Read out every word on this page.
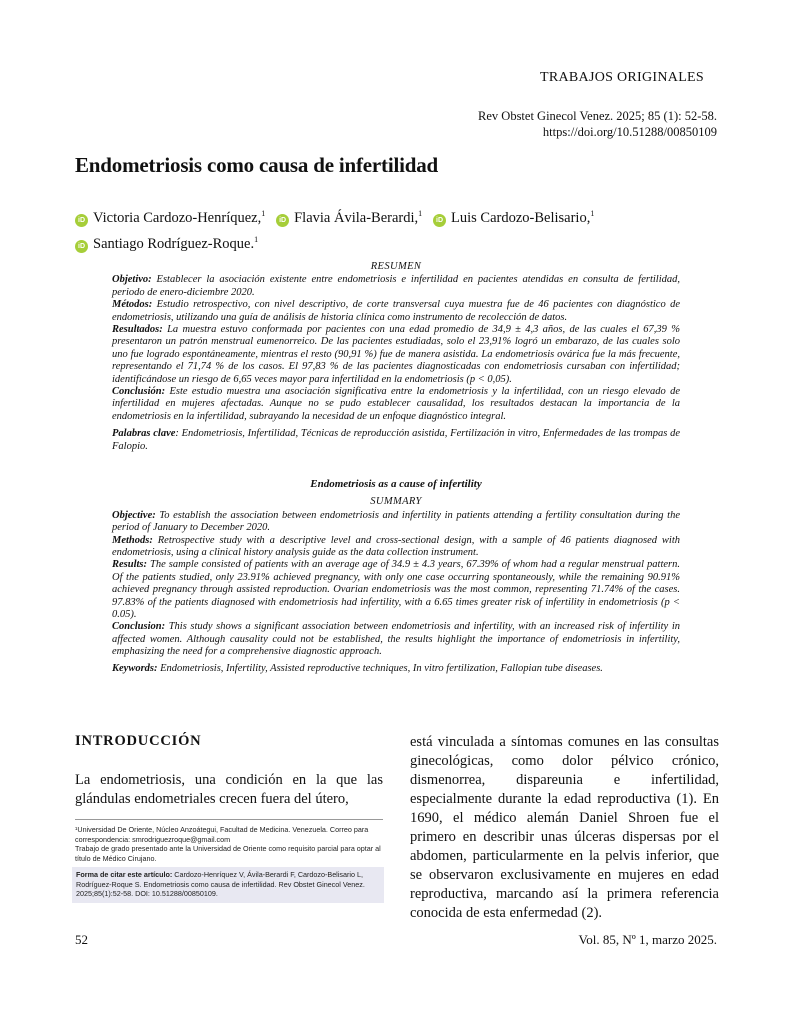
TRABAJOS ORIGINALES
Rev Obstet Ginecol Venez. 2025; 85 (1): 52-58.
https://doi.org/10.51288/00850109
Endometriosis como causa de infertilidad
iD Victoria Cardozo-Henríquez,$^1$   iD Flavia Ávila-Berardi,$^1$   iD Luis Cardozo-Belisario,$^1$
iD Santiago Rodríguez-Roque.$^1$
RESUMEN

Objetivo: Establecer la asociación existente entre endometriosis e infertilidad en pacientes atendidas en consulta de fertilidad, periodo de enero-diciembre 2020.

Métodos: Estudio retrospectivo, con nivel descriptivo, de corte transversal cuya muestra fue de 46 pacientes con diagnóstico de endometriosis, utilizando una guía de análisis de historia clínica como instrumento de recolección de datos.

Resultados: La muestra estuvo conformada por pacientes con una edad promedio de 34,9 ± 4,3 años, de las cuales el 67,39 % presentaron un patrón menstrual eumenorreico. De las pacientes estudiadas, solo el 23,91% logró un embarazo, de las cuales solo uno fue logrado espontáneamente, mientras el resto (90,91 %) fue de manera asistida. La endometriosis ovárica fue la más frecuente, representando el 71,74 % de los casos. El 97,83 % de las pacientes diagnosticadas con endometriosis cursaban con infertilidad; identificándose un riesgo de 6,65 veces mayor para infertilidad en la endometriosis (p < 0,05).

Conclusión: Este estudio muestra una asociación significativa entre la endometriosis y la infertilidad, con un riesgo elevado de infertilidad en mujeres afectadas. Aunque no se pudo establecer causalidad, los resultados destacan la importancia de la endometriosis en la infertilidad, subrayando la necesidad de un enfoque diagnóstico integral.

Palabras clave: Endometriosis, Infertilidad, Técnicas de reproducción asistida, Fertilización in vitro, Enfermedades de las trompas de Falopio.

Endometriosis as a cause of infertility
SUMMARY

Objective: To establish the association between endometriosis and infertility in patients attending a fertility consultation during the period of January to December 2020.

Methods: Retrospective study with a descriptive level and cross-sectional design, with a sample of 46 patients diagnosed with endometriosis, using a clinical history analysis guide as the data collection instrument.

Results: The sample consisted of patients with an average age of 34.9 ± 4.3 years, 67.39% of whom had a regular menstrual pattern. Of the patients studied, only 23.91% achieved pregnancy, with only one case occurring spontaneously, while the remaining 90.91% achieved pregnancy through assisted reproduction. Ovarian endometriosis was the most common, representing 71.74% of the cases. 97.83% of the patients diagnosed with endometriosis had infertility, with a 6.65 times greater risk of infertility in endometriosis (p < 0.05).

Conclusion: This study shows a significant association between endometriosis and infertility, with an increased risk of infertility in affected women. Although causality could not be established, the results highlight the importance of endometriosis in infertility, emphasizing the need for a comprehensive diagnostic approach.

Keywords: Endometriosis, Infertility, Assisted reproductive techniques, In vitro fertilization, Fallopian tube diseases.

INTRODUCCIÓN
La endometriosis, una condición en la que las glándulas endometriales crecen fuera del útero,
está vinculada a síntomas comunes en las consultas ginecológicas, como dolor pélvico crónico, dismenorrea, dispareunia e infertilidad, especialmente durante la edad reproductiva (1). En 1690, el médico alemán Daniel Shroen fue el primero en describir unas úlceras dispersas por el abdomen, particularmente en la pelvis inferior, que se observaron exclusivamente en mujeres en edad reproductiva, marcando así la primera referencia conocida de esta enfermedad (2).
¹Universidad De Oriente, Núcleo Anzoátegui, Facultad de Medicina. Venezuela. Correo para correspondencia: smrodriguezroque@gmail.com
Trabajo de grado presentado ante la Universidad de Oriente como requisito parcial para optar al título de Médico Cirujano.
Forma de citar este artículo: Cardozo-Henríquez V, Ávila-Berardi F, Cardozo-Belisario L, Rodríguez-Roque S. Endometriosis como causa de infertilidad. Rev Obstet Ginecol Venez. 2025;85(1):52-58. DOI: 10.51288/00850109.
52	Vol. 85, Nº 1, marzo 2025.
